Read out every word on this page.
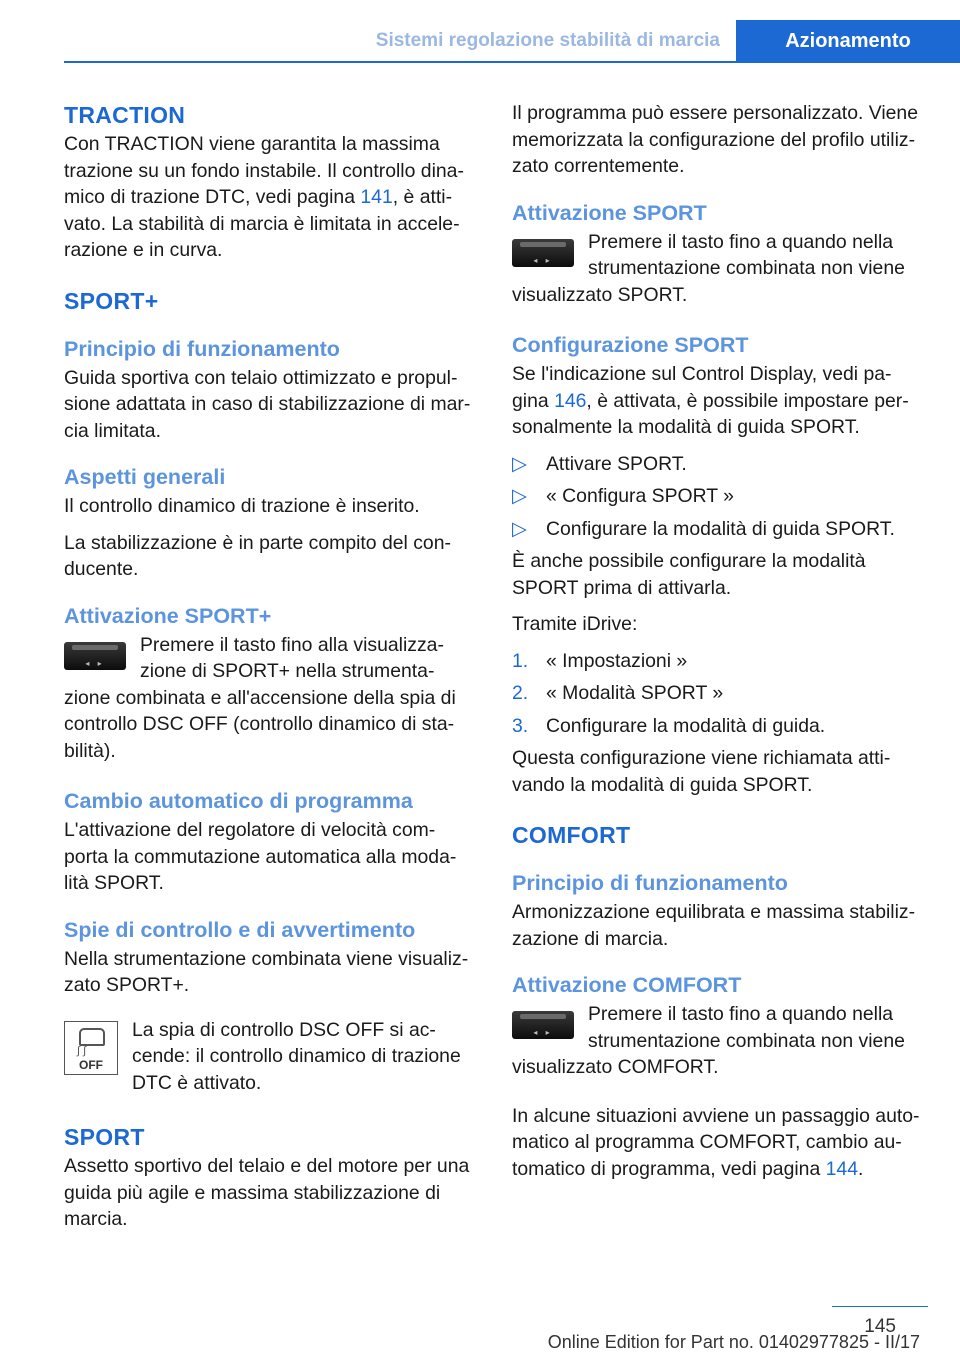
Sistemi regolazione stabilità di marcia	Azionamento
TRACTION

Con TRACTION viene garantita la massima trazione su un fondo instabile. Il controllo dina-mico di trazione DTC, vedi pagina 141, è atti-vato. La stabilità di marcia è limitata in accele-razione e in curva.

SPORT+
Principio di funzionamento

Guida sportiva con telaio ottimizzato e propul-sione adattata in caso di stabilizzazione di mar-cia limitata.

Aspetti generali

Il controllo dinamico di trazione è inserito.

La stabilizzazione è in parte compito del con-ducente.

Attivazione SPORT+
◂ ▸
Premere il tasto fino alla visualizza-zione di SPORT+ nella strumenta-zione combinata e all'accensione della spia di controllo DSC OFF (controllo dinamico di sta-bilità).
Cambio automatico di programma

L'attivazione del regolatore di velocità com-porta la commutazione automatica alla moda-lità SPORT.

Spie di controllo e di avvertimento

Nella strumentazione combinata viene visualiz-zato SPORT+.

∫ ∫
OFF
La spia di controllo DSC OFF si ac-cende: il controllo dinamico di trazione DTC è attivato.
SPORT

Assetto sportivo del telaio e del motore per una guida più agile e massima stabilizzazione di marcia.

Il programma può essere personalizzato. Viene memorizzata la configurazione del profilo utiliz-zato correntemente.

Attivazione SPORT
◂ ▸
Premere il tasto fino a quando nella strumentazione combinata non viene visualizzato SPORT.
Configurazione SPORT

Se l'indicazione sul Control Display, vedi pa-gina 146, è attivata, è possibile impostare per-sonalmente la modalità di guida SPORT.

▷ Attivare SPORT.
▷ « Configura SPORT »
▷ Configurare la modalità di guida SPORT.

È anche possibile configurare la modalità SPORT prima di attivarla.

Tramite iDrive:

1. « Impostazioni »
2. « Modalità SPORT »
3. Configurare la modalità di guida.

Questa configurazione viene richiamata atti-vando la modalità di guida SPORT.

COMFORT
Principio di funzionamento

Armonizzazione equilibrata e massima stabiliz-zazione di marcia.

Attivazione COMFORT
◂ ▸
Premere il tasto fino a quando nella strumentazione combinata non viene visualizzato COMFORT.

In alcune situazioni avviene un passaggio auto-matico al programma COMFORT, cambio au-tomatico di programma, vedi pagina 144.

145
Online Edition for Part no. 01402977825 - II/17
